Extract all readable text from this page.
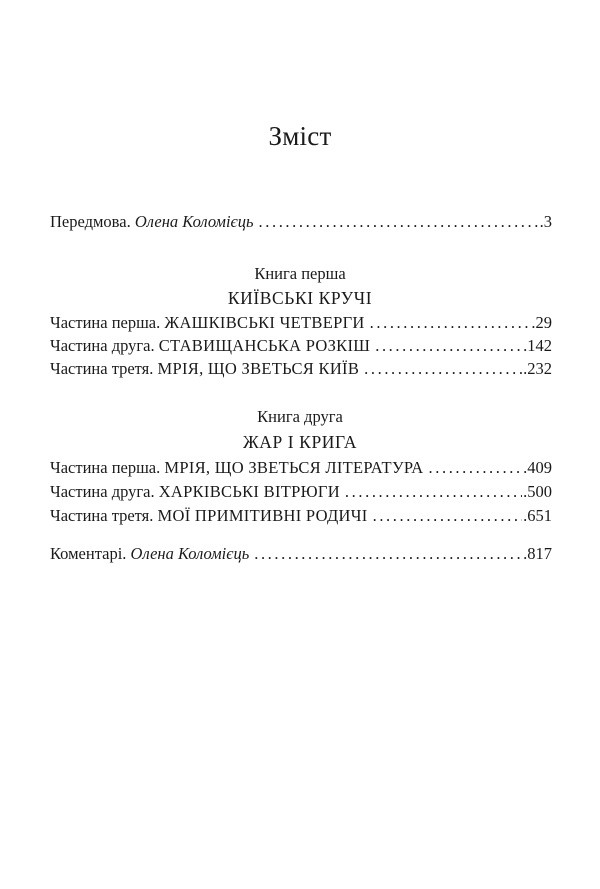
Зміст
Передмова. Олена Коломієць .....	.3
Книга перша
КИЇВСЬКІ КРУЧІ
Частина перша. ЖАШКІВСЬКІ ЧЕТВЕРГИ .....	.29
Частина друга. СТАВИЩАНСЬКА РОЗКІШ .....	.142
Частина третя. МРІЯ, ЩО ЗВЕТЬСЯ КИЇВ .....	.232
Книга друга
ЖАР І КРИГА
Частина перша. МРІЯ, ЩО ЗВЕТЬСЯ ЛІТЕРАТУРА .....	.409
Частина друга. ХАРКІВСЬКІ ВІТРЮГИ .....	.500
Частина третя. МОЇ ПРИМІТИВНІ РОДИЧІ .....	.651
Коментарі. Олена Коломієць .....	.817
